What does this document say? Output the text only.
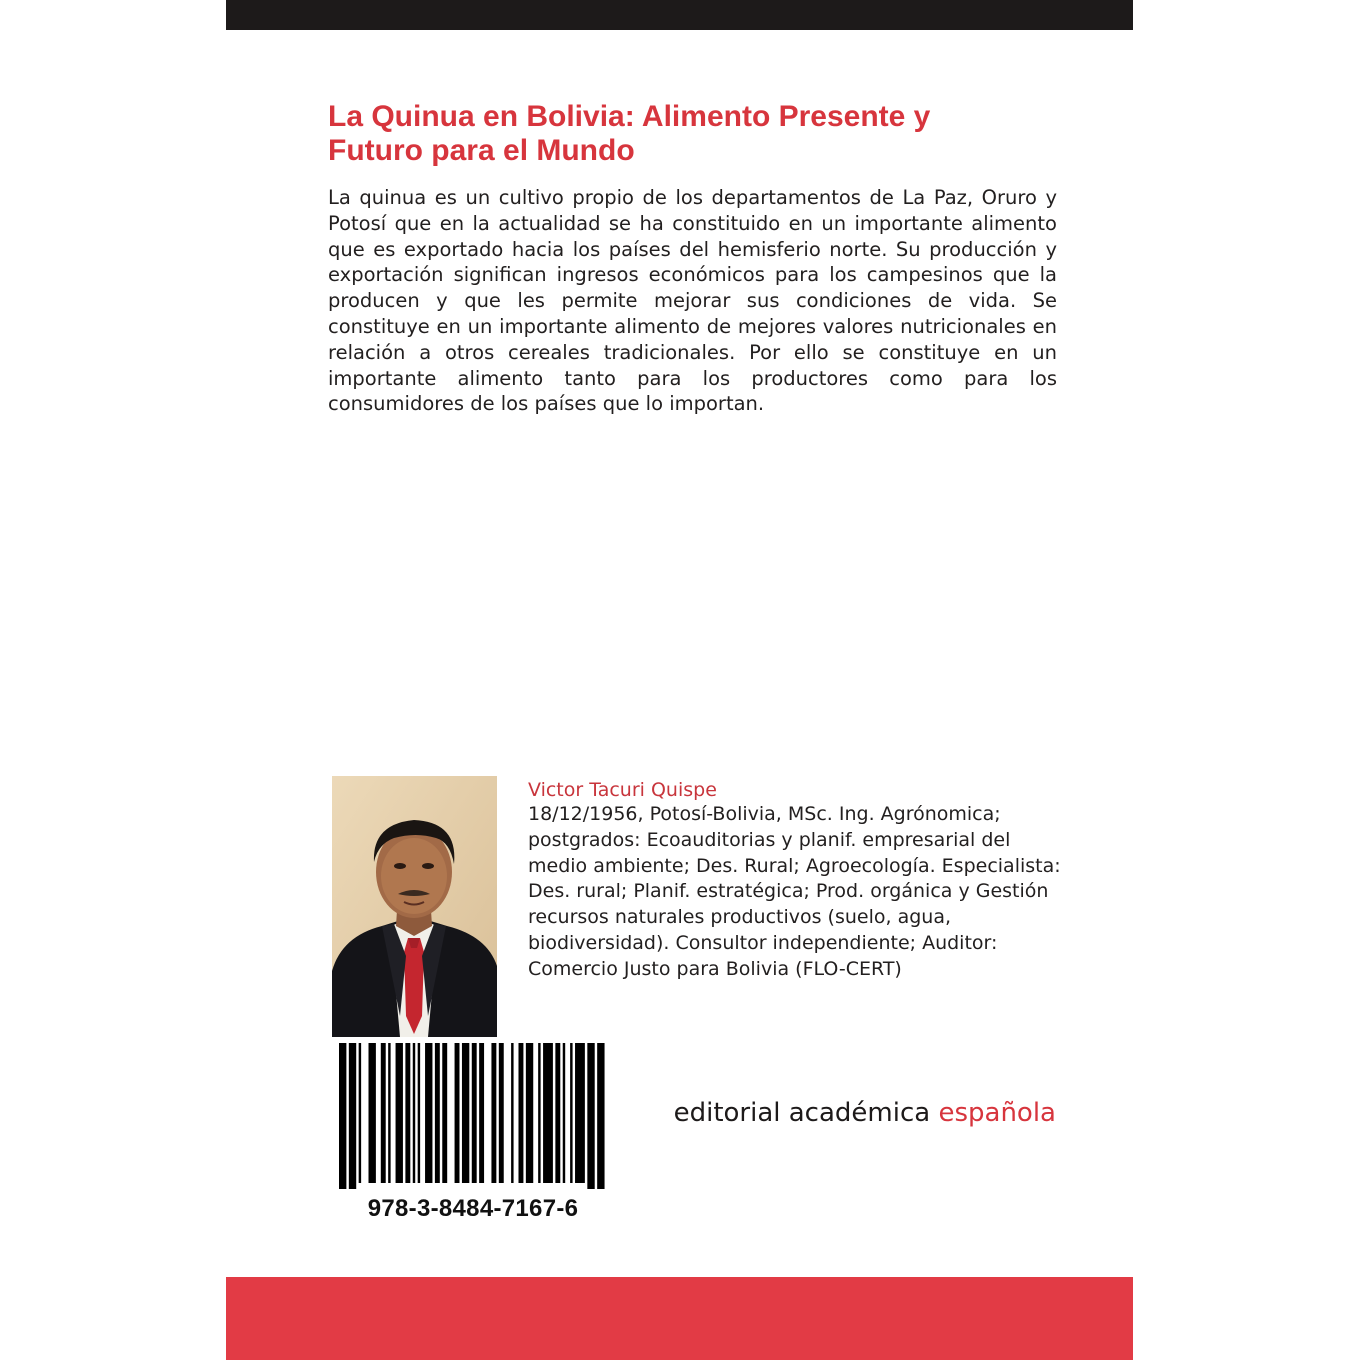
La Quinua en Bolivia: Alimento Presente y Futuro para el Mundo

La quinua es un cultivo propio de los departamentos de La Paz, Oruro y Potosí que en la actualidad se ha constituido en un importante alimento que es exportado hacia los países del hemisferio norte. Su producción y exportación significan ingresos económicos para los campesinos que la producen y que les permite mejorar sus condiciones de vida. Se constituye en un importante alimento de mejores valores nutricionales en relación a otros cereales tradicionales. Por ello se constituye en un importante alimento tanto para los productores como para los consumidores de los países que lo importan.

Victor Tacuri Quispe

18/12/1956, Potosí-Bolivia, MSc. Ing. Agrónomica; postgrados: Ecoauditorias y planif. empresarial del medio ambiente; Des. Rural; Agroecología. Especialista: Des. rural; Planif. estratégica; Prod. orgánica y Gestión recursos naturales productivos (suelo, agua, biodiversidad). Consultor independiente; Auditor: Comercio Justo para Bolivia (FLO-CERT)

978-3-8484-7167-6
editorial académica española
